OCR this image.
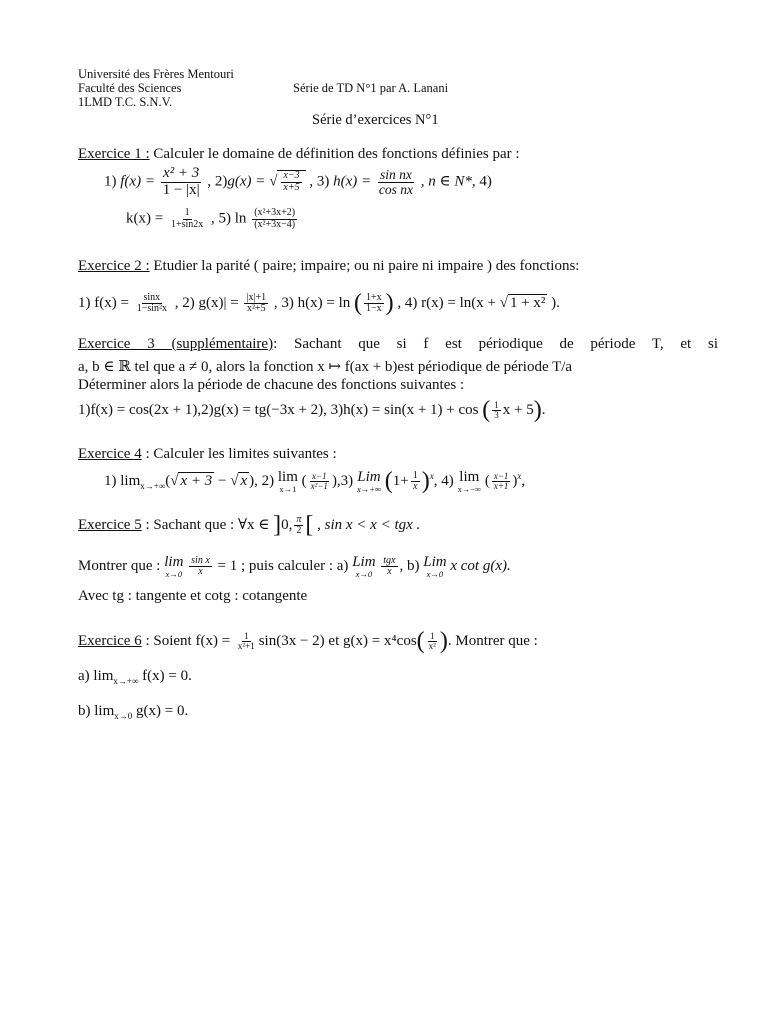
Université des Frères Mentouri
Faculté des Sciences	Série de TD N°1 par A. Lanani
1LMD T.C. S.N.V.
Série d’exercices N°1
Exercice 1 : Calculer le domaine de définition des fonctions définies par :
1) $f(x) = \frac{\text{x² + 3}}{1 - |x|}$ , 2)g(x) = √ $\frac{x-3}{x+5}$ , 3) $h(x) = \frac{\text{sin nx}}{\text{cos nx}}$ , n ∈ N*, 4)
$k(x) = \frac{1}{1+\sin 2x}$ , 5) $\ln \frac{\text{(x²+3x+2)}}{\text{(x²+3x−4)}}$
Exercice 2 : Etudier la parité ( paire; impaire; ou ni paire ni impaire ) des fonctions:
1) $f(x) = \frac{\sin x}{\text{1−sin²x}}$ , 2) $g(x)| = \frac{|x|+1}{\text{x²+5}}$ , 3) h(x) = ln ( $\frac{1+x}{1-x}$ ) , 4) r(x) = ln(x + √ 1 + x² ).
Exercice 3 (supplémentaire): Sachant que si f est périodique de période T, et si
a, b ∈ ℝ tel que a ≠ 0, alors la fonction x ↦ f(ax + b)est périodique de période T/a
Déterminer alors la période de chacune des fonctions suivantes :
1)f(x) = cos(2x + 1),2)g(x) = tg(−3x + 2), 3)h(x) = sin(x + 1) + cos ( $\frac{1}{3}$ x + 5).
Exercice 4 : Calculer les limites suivantes :
1) $\lim_{x\to+\infty}(√$ x + 3 − √ x ), 2) lim
x→1 ( $\frac{x-1}{\text{x²−1}} ),3$) Lim
x→+∞ $(1+ \frac{1}{x} )^x$, 4) lim
x→−∞ ( $\frac{x-1}{x+1} )^x$,
Exercice 5 : Sachant que : ∀x ∈ ]0, $\frac{\pi}{2}$ [ , sin x < x < tgx .
Montrer que : lim
x→0
$\frac{\text{sin x}}{x} = 1$ ; puis calculer : a) Lim
x→0
$\frac{\text{tgx}}{x}$ , b) Lim
x→0 x cot g(x).
Avec tg : tangente et cotg : cotangente
Exercice 6 : Soient $f(x) = \frac{1}{\text{x²+1}} \sin(3x - 2)$ et $g(x) = x^4\cos( \frac{1}{\text{x²}}$ ). Montrer que :
a) $\lim_{x\to+\infty} f(x) = 0$.
b) $\lim_{x\to 0} g(x) = 0$.
